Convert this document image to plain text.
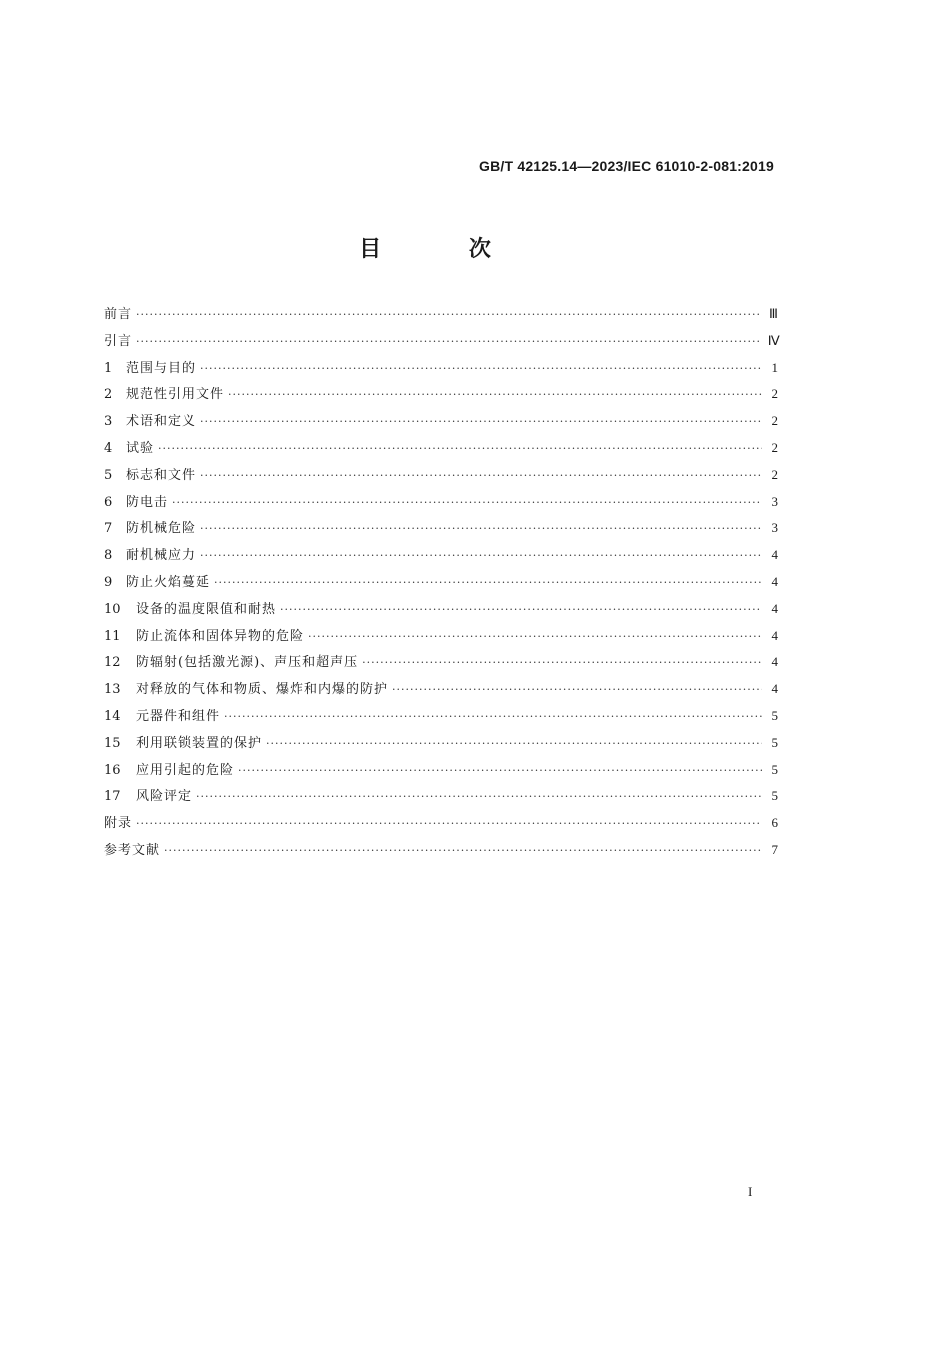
GB/T 42125.14—2023/IEC 61010-2-081:2019
目 次
前言 ·····	Ⅲ
引言 ·····	Ⅳ
1	范围与目的 ·····	1
2	规范性引用文件 ·····	2
3	术语和定义 ·····	2
4	试验 ·····	2
5	标志和文件 ·····	2
6	防电击 ·····	3
7	防机械危险 ·····	3
8	耐机械应力 ·····	4
9	防止火焰蔓延 ·····	4
10	设备的温度限值和耐热 ·····	4
11	防止流体和固体异物的危险 ·····	4
12	防辐射(包括激光源)、声压和超声压 ·····	4
13	对释放的气体和物质、爆炸和内爆的防护 ·····	4
14	元器件和组件 ·····	5
15	利用联锁装置的保护 ·····	5
16	应用引起的危险 ·····	5
17	风险评定 ·····	5
附录 ·····	6
参考文献 ·····	7
I
